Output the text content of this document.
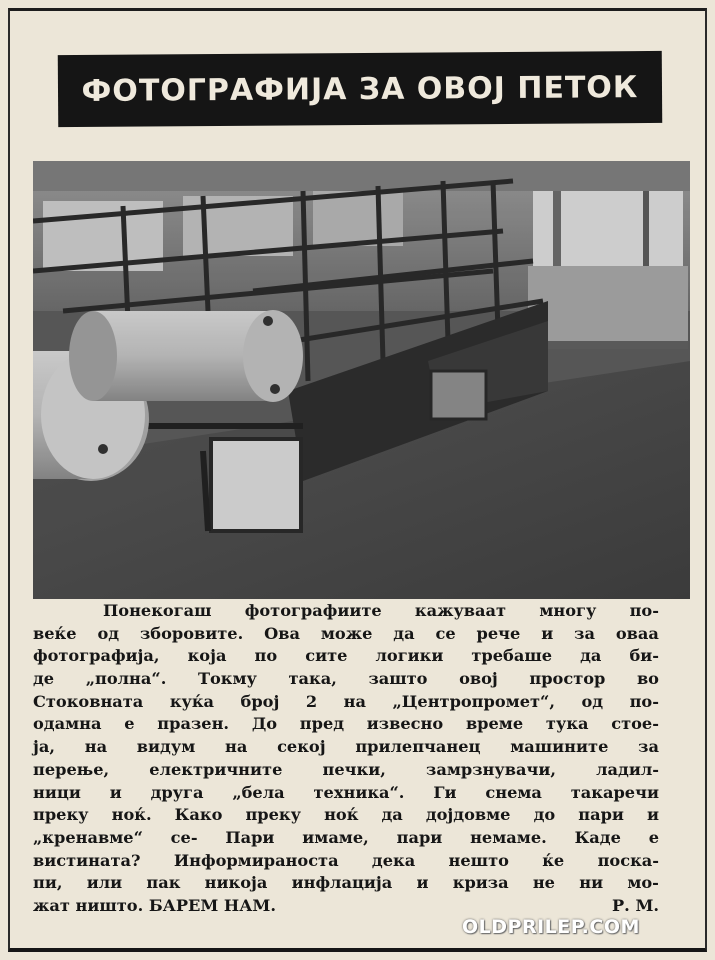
ФОТОГРАФИЈА ЗА ОВОЈ ПЕТОК
Понекогаш фотографиите кажуваат многу по-
веќе од зборовите. Ова може да се рече и за оваа
фотографија, која по сите логики требаше да би-
де „полна“. Токму така, зашто овој простор во
Стоковната куќа број 2 на „Центропромет“, од по-
одамна е празен. До пред извесно време тука стое-
ја, на видум на секој прилепчанец машините за
перење, електричните печки, замрзнувачи, ладил-
ници и друга „бела техника“. Ги снема такаречи
преку ноќ. Како преку ноќ да дојдовме до пари и
„кренавме“ се- Пари имаме, пари немаме. Каде е
вистината? Информираноста дека нешто ќе поска-
пи, или пак никоја инфлација и криза не ни мо-
жат ништо. БАРЕМ НАМ.	Р. М.
OLDPRILEP.COM
